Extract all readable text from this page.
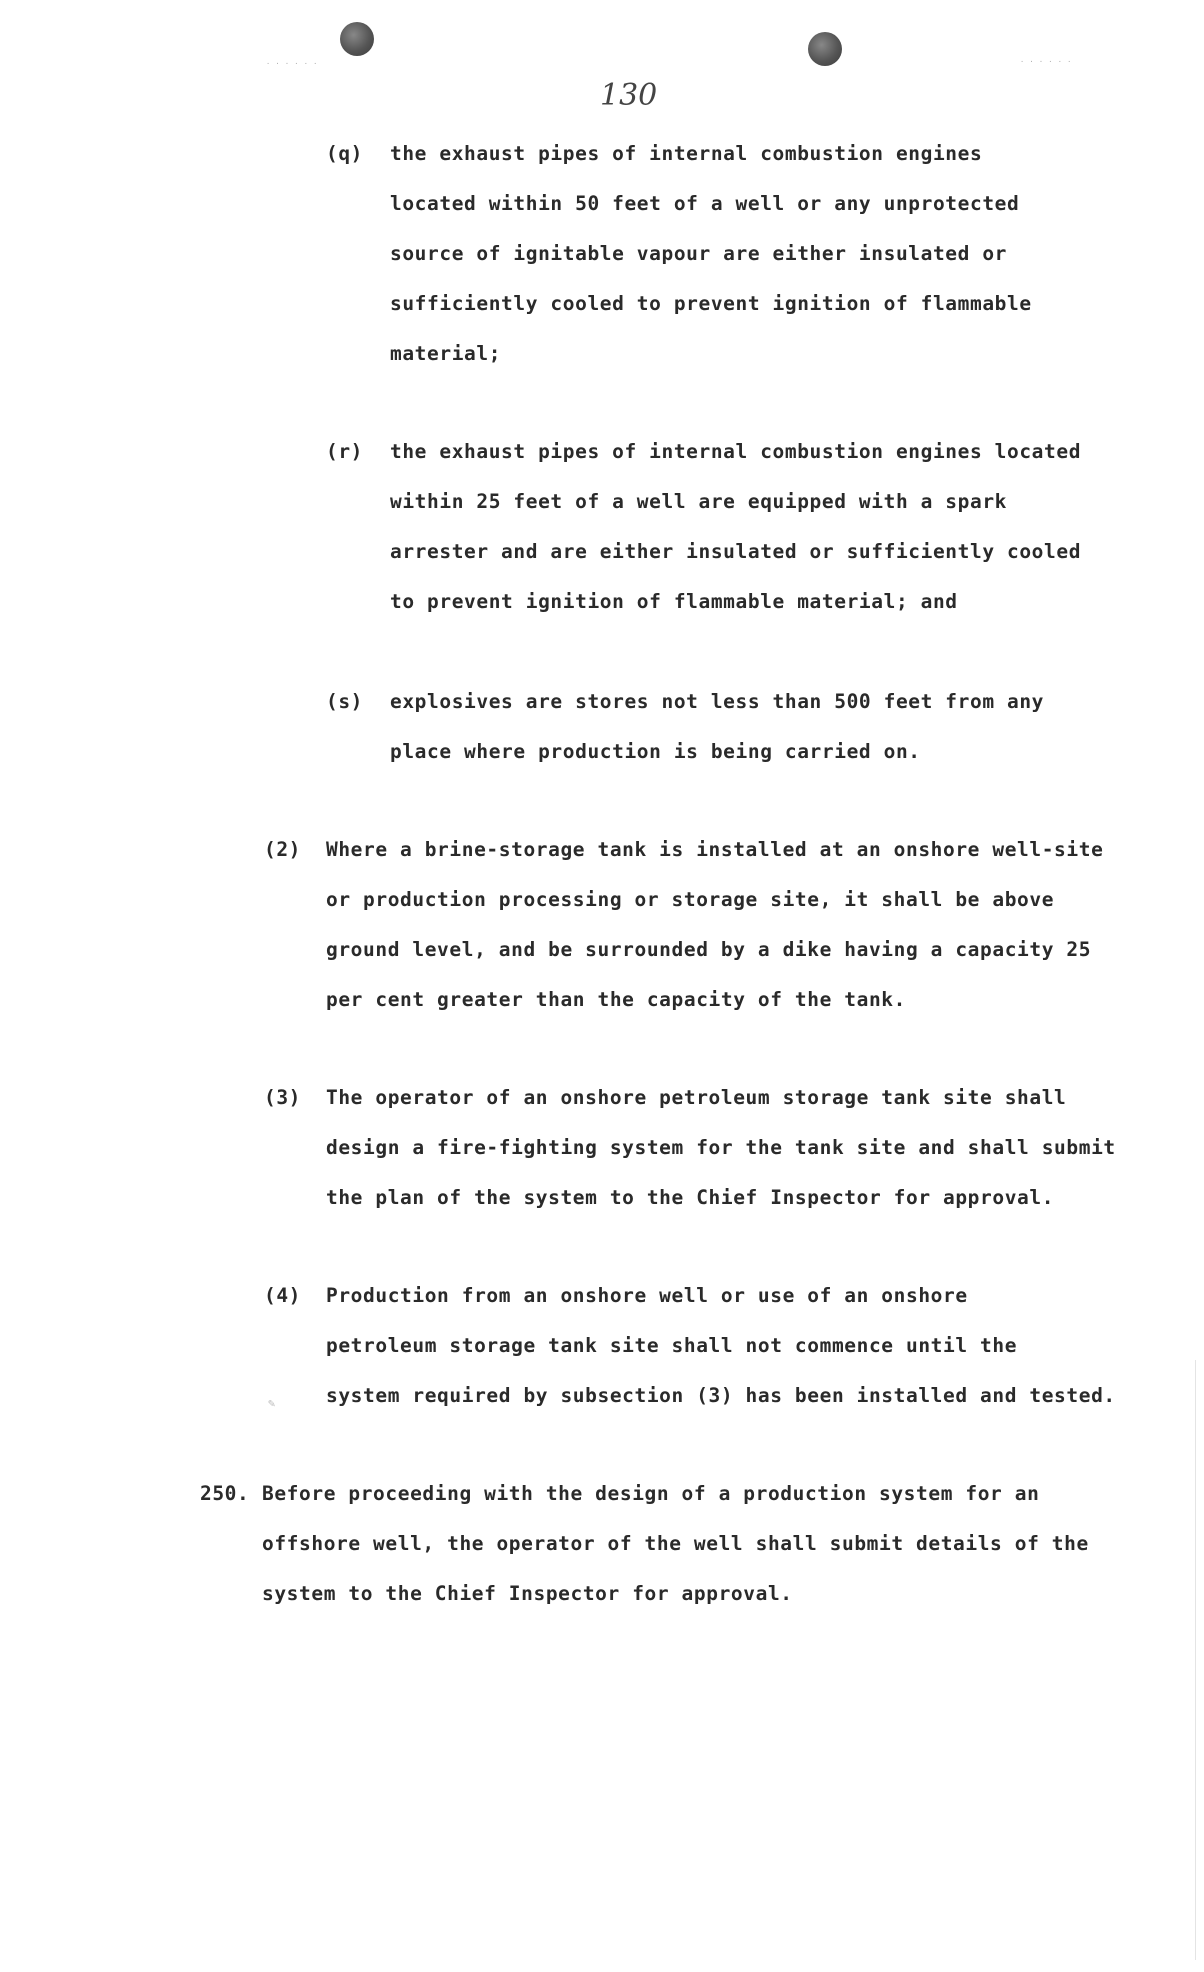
· · · · · ·	· · · · · ·
130
(q) the exhaust pipes of internal combustion engines
located within 50 feet of a well or any unprotected
source of ignitable vapour are either insulated or
sufficiently cooled to prevent ignition of flammable
material;
(r) the exhaust pipes of internal combustion engines located
within 25 feet of a well are equipped with a spark
arrester and are either insulated or sufficiently cooled
to prevent ignition of flammable material; and
(s) explosives are stores not less than 500 feet from any
place where production is being carried on.
(2) Where a brine-storage tank is installed at an onshore well-site
or production processing or storage site, it shall be above
ground level, and be surrounded by a dike having a capacity 25
per cent greater than the capacity of the tank.
(3) The operator of an onshore petroleum storage tank site shall
design a fire-fighting system for the tank site and shall submit
the plan of the system to the Chief Inspector for approval.
(4) Production from an onshore well or use of an onshore
petroleum storage tank site shall not commence until the
system required by subsection (3) has been installed and tested.
✎
250. Before proceeding with the design of a production system for an
offshore well, the operator of the well shall submit details of the
system to the Chief Inspector for approval.
